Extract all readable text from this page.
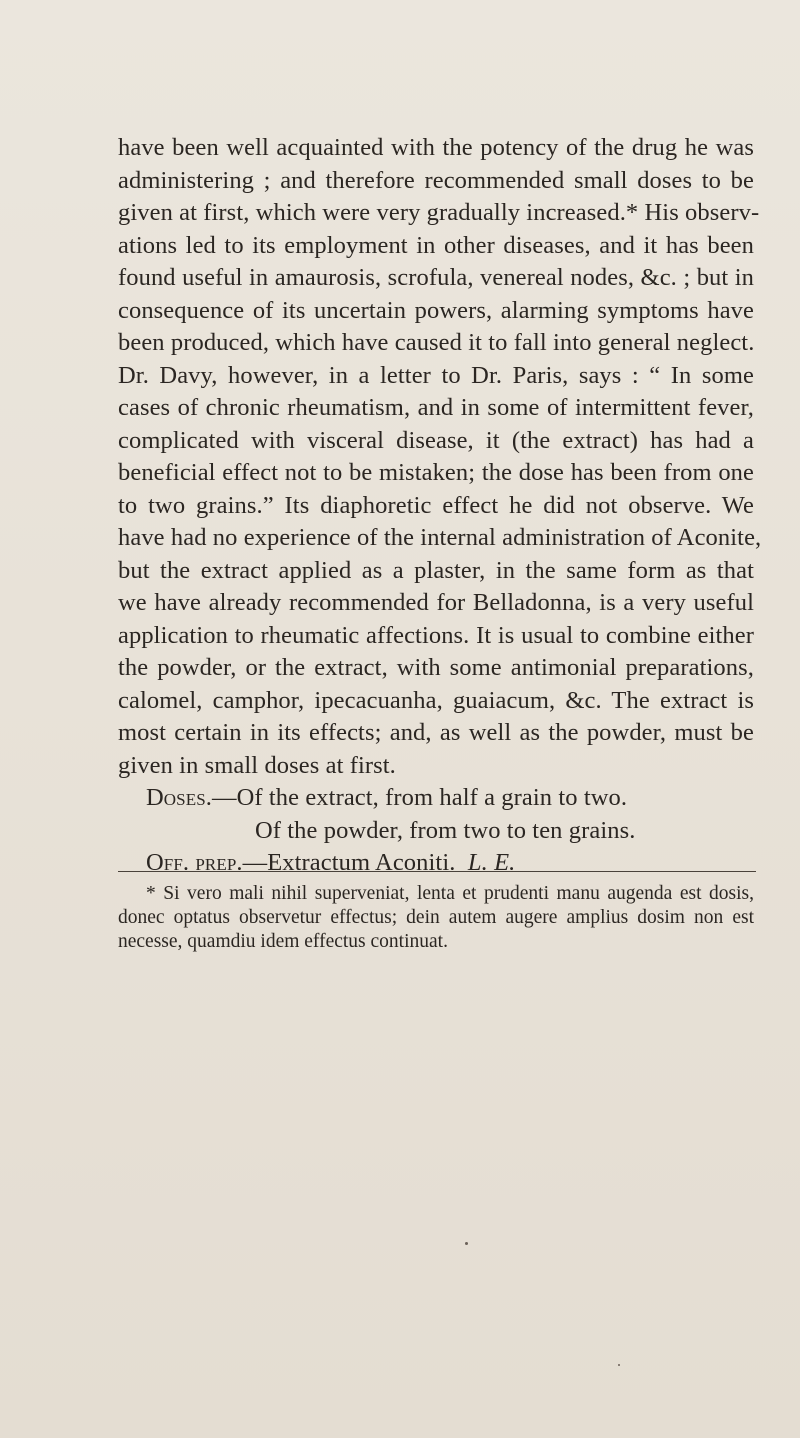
have been well acquainted with the potency of the drug he was
administering ; and therefore recommended small doses to be
given at first, which were very gradually increased.* His observ-
ations led to its employment in other diseases, and it has been
found useful in amaurosis, scrofula, venereal nodes, &c. ; but in
consequence of its uncertain powers, alarming symptoms have
been produced, which have caused it to fall into general neglect.
Dr. Davy, however, in a letter to Dr. Paris, says : “ In some
cases of chronic rheumatism, and in some of intermittent fever,
complicated with visceral disease, it (the extract) has had a
beneficial effect not to be mistaken; the dose has been from one
to two grains.” Its diaphoretic effect he did not observe. We
have had no experience of the internal administration of Aconite,
but the extract applied as a plaster, in the same form as that
we have already recommended for Belladonna, is a very useful
application to rheumatic affections. It is usual to combine either
the powder, or the extract, with some antimonial preparations,
calomel, camphor, ipecacuanha, guaiacum, &c. The extract is
most certain in its effects; and, as well as the powder, must be
given in small doses at first.
Doses.—Of the extract, from half a grain to two.
Of the powder, from two to ten grains.
Off. prep.—Extractum Aconiti. L. E.
* Si vero mali nihil superveniat, lenta et prudenti manu augenda est dosis,
donec optatus observetur effectus; dein autem augere amplius dosim non est
necesse, quamdiu idem effectus continuat.
